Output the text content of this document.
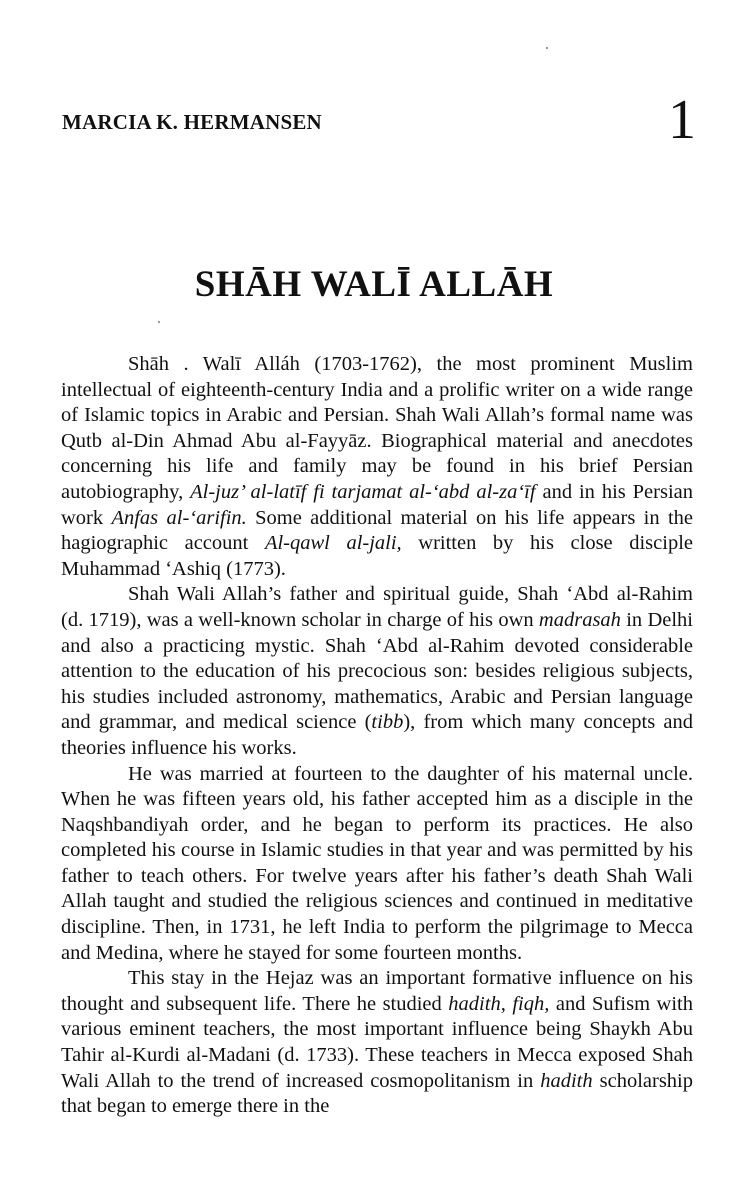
MARCIA K. HERMANSEN	1
SHĀH WALĪ ALLĀH

Shāh . Walī Alláh (1703-1762), the most prominent Muslim intellectual of eighteenth-century India and a prolific writer on a wide range of Islamic topics in Arabic and Persian. Shah Wali Allah’s formal name was Qutb al-Din Ahmad Abu al-Fayyāz. Biographical material and anecdotes concerning his life and family may be found in his brief Persian autobiography, Al-juz’ al-latīf fi tarjamat al-‘abd al-za‘īf and in his Persian work Anfas al-‘arifin. Some additional material on his life appears in the hagiographic account Al-qawl al-jali, written by his close disciple Muhammad ‘Ashiq (1773).

Shah Wali Allah’s father and spiritual guide, Shah ‘Abd al-Rahim (d. 1719), was a well-known scholar in charge of his own madrasah in Delhi and also a practicing mystic. Shah ‘Abd al-Rahim devoted considerable attention to the education of his precocious son: besides religious subjects, his studies included astronomy, mathematics, Arabic and Persian language and grammar, and medical science (tibb), from which many concepts and theories influence his works.

He was married at fourteen to the daughter of his maternal uncle. When he was fifteen years old, his father accepted him as a disciple in the Naqshbandiyah order, and he began to perform its practices. He also completed his course in Islamic studies in that year and was permitted by his father to teach others. For twelve years after his father’s death Shah Wali Allah taught and studied the religious sciences and continued in meditative discipline. Then, in 1731, he left India to perform the pilgrimage to Mecca and Medina, where he stayed for some fourteen months.

This stay in the Hejaz was an important formative influence on his thought and subsequent life. There he studied hadith, fiqh, and Sufism with various eminent teachers, the most important influence being Shaykh Abu Tahir al-Kurdi al-Madani (d. 1733). These teachers in Mecca exposed Shah Wali Allah to the trend of increased cosmopolitanism in hadith scholarship that began to emerge there in the
